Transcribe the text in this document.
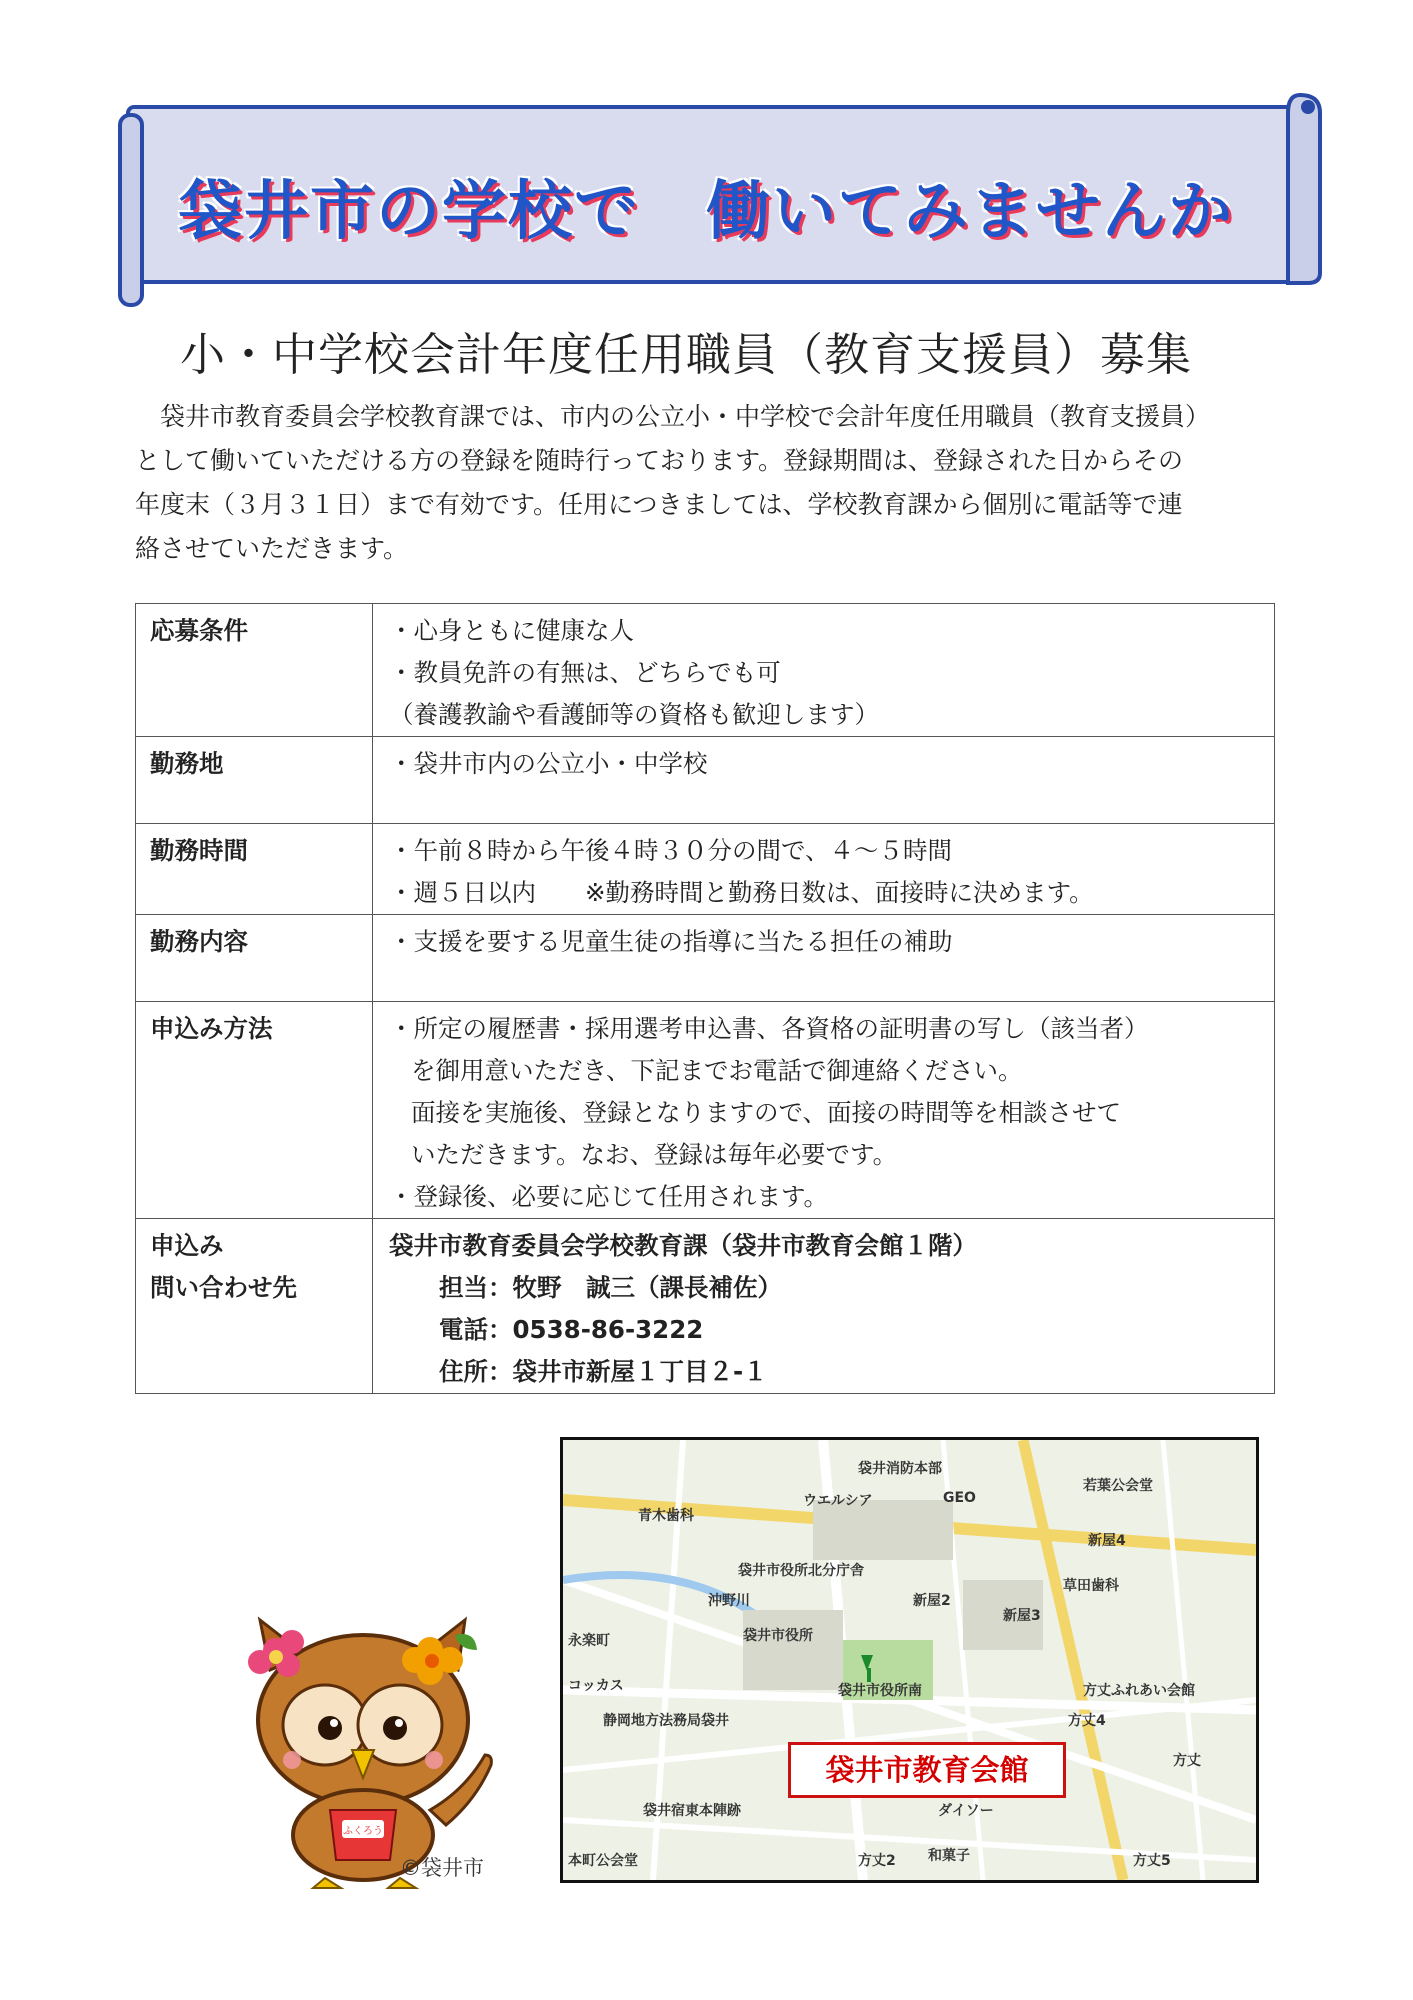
袋井市の学校で　働いてみませんか
小・中学校会計年度任用職員（教育支援員）募集

　袋井市教育委員会学校教育課では、市内の公立小・中学校で会計年度任用職員（教育支援員）

として働いていただける方の登録を随時行っております。登録期間は、登録された日からその

年度末（３月３１日）まで有効です。任用につきましては、学校教育課から個別に電話等で連

絡させていただきます。

応募条件	・心身ともに健康な人
・教員免許の有無は、どちらでも可
（養護教諭や看護師等の資格も歓迎します）

勤務地	・袋井市内の公立小・中学校

勤務時間	・午前８時から午後４時３０分の間で、４～５時間
・週５日以内　　※勤務時間と勤務日数は、面接時に決めます。

勤務内容	・支援を要する児童生徒の指導に当たる担任の補助

申込み方法	・所定の履歴書・採用選考申込書、各資格の証明書の写し（該当者）
を御用意いただき、下記までお電話で御連絡ください。
面接を実施後、登録となりますので、面接の時間等を相談させて
いただきます。なお、登録は毎年必要です。
・登録後、必要に応じて任用されます。

申込み
問い合わせ先	袋井市教育委員会学校教育課（袋井市教育会館１階）
担当：牧野　誠三（課長補佐）
電話：0538-86-3222
住所：袋井市新屋１丁目２-１
ふくろう
©袋井市
袋井消防本部
ウエルシア	GEO
若葉公会堂
青木歯科
新屋4
袋井市役所北分庁舎
沖野川	新屋2
新屋3
草田歯科
永楽町	袋井市役所
コッカス	袋井市役所南
静岡地方法務局袋井
方丈ふれあい会館
方丈4
方丈
袋井宿東本陣跡	ダイソー
方丈2 和菓子	方丈5
本町公会堂
袋井市教育会館
